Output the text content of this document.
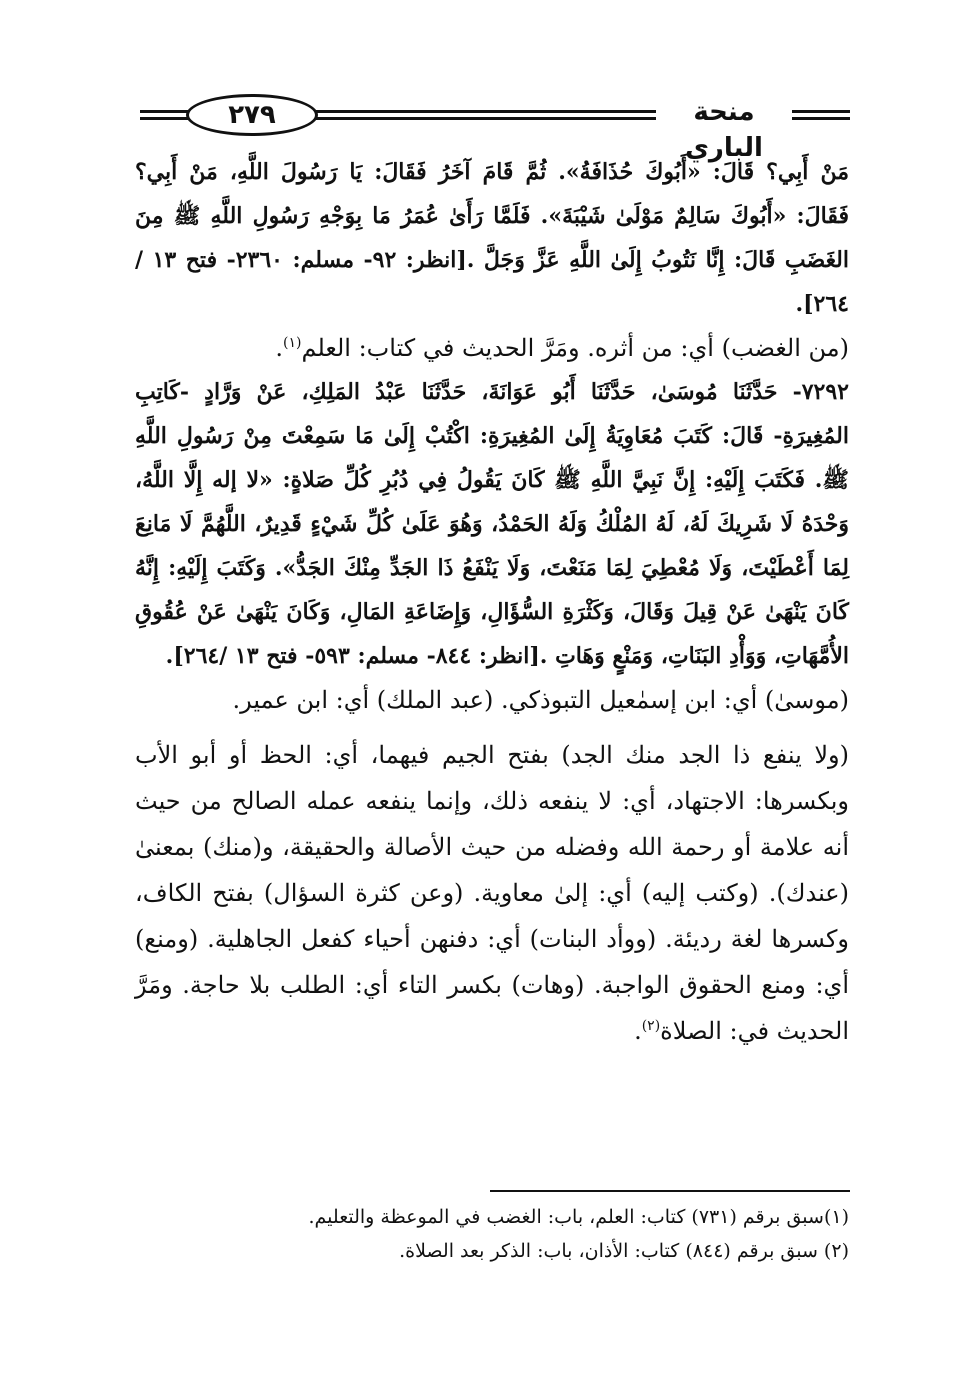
٢٧٩	منحة الباري

مَنْ أَبِي؟ قَالَ: «أَبُوكَ حُذَافَةُ». ثُمَّ قَامَ آخَرُ فَقَالَ: يَا رَسُولَ اللَّهِ، مَنْ أَبِي؟ فَقَالَ: «أَبُوكَ سَالِمٌ مَوْلَىٰ شَيْبَةَ». فَلَمَّا رَأَىٰ عُمَرُ مَا بِوَجْهِ رَسُولِ اللَّهِ ﷺ مِنَ الغَضَبِ قَالَ: إِنَّا نَتُوبُ إِلَىٰ اللَّهِ عَزَّ وَجَلَّ .[انظر: ٩٢- مسلم: ٢٣٦٠- فتح ١٣ /٢٦٤].

(من الغضب) أي: من أثره. ومَرَّ الحديث في كتاب: العلم$^{(١)}$.

٧٢٩٢- حَدَّثَنَا مُوسَىٰ، حَدَّثَنَا أَبُو عَوَانَةَ، حَدَّثَنَا عَبْدُ المَلِكِ، عَنْ وَرَّادٍ -كَاتِبِ المُغِيرَةِ- قَالَ: كَتَبَ مُعَاوِيَةُ إِلَىٰ المُغِيرَةِ: اكْتُبْ إِلَىٰ مَا سَمِعْتَ مِنْ رَسُولِ اللَّهِ ﷺ. فَكَتَبَ إِلَيْهِ: إِنَّ نَبِيَّ اللَّهِ ﷺ كَانَ يَقُولُ فِي دُبُرِ كُلِّ صَلاةٍ: «لا إله إِلَّا اللَّهُ، وَحْدَهُ لَا شَرِيكَ لَهُ، لَهُ المُلْكُ وَلَهُ الحَمْدُ، وَهُوَ عَلَىٰ كُلِّ شَيْءٍ قَدِيرٌ، اللَّهُمَّ لَا مَانِعَ لِمَا أَعْطَيْتَ، وَلَا مُعْطِيَ لِمَا مَنَعْتَ، وَلَا يَنْفَعُ ذَا الجَدِّ مِنْكَ الجَدُّ». وَكَتَبَ إِلَيْهِ: إِنَّهُ كَانَ يَنْهَىٰ عَنْ قِيلَ وَقَالَ، وَكَثْرَةِ السُّؤَالِ، وَإِضَاعَةِ المَالِ، وَكَانَ يَنْهَىٰ عَنْ عُقُوقِ الأُمَّهَاتِ، وَوَأْدِ البَنَاتِ، وَمَنْعٍ وَهَاتِ .[انظر: ٨٤٤- مسلم: ٥٩٣- فتح ١٣ /٢٦٤].

(موسىٰ) أي: ابن إسمٰعيل التبوذكي. (عبد الملك) أي: ابن عمير.

(ولا ينفع ذا الجد منك الجد) بفتح الجيم فيهما، أي: الحظ أو أبو الأب وبكسرها: الاجتهاد، أي: لا ينفعه ذلك، وإنما ينفعه عمله الصالح من حيث أنه علامة أو رحمة الله وفضله من حيث الأصالة والحقيقة، و(منك) بمعنىٰ (عندك). (وكتب إليه) أي: إلىٰ معاوية. (وعن كثرة السؤال) بفتح الكاف، وكسرها لغة رديئة. (ووأد البنات) أي: دفنهن أحياء كفعل الجاهلية. (ومنع) أي: ومنع الحقوق الواجبة. (وهات) بكسر التاء أي: الطلب بلا حاجة. ومَرَّ الحديث في: الصلاة$^{(٢)}$.

(١)سبق برقم (٧٣١) كتاب: العلم، باب: الغضب في الموعظة والتعليم.

(٢) سبق برقم (٨٤٤) كتاب: الأذان، باب: الذكر بعد الصلاة.
